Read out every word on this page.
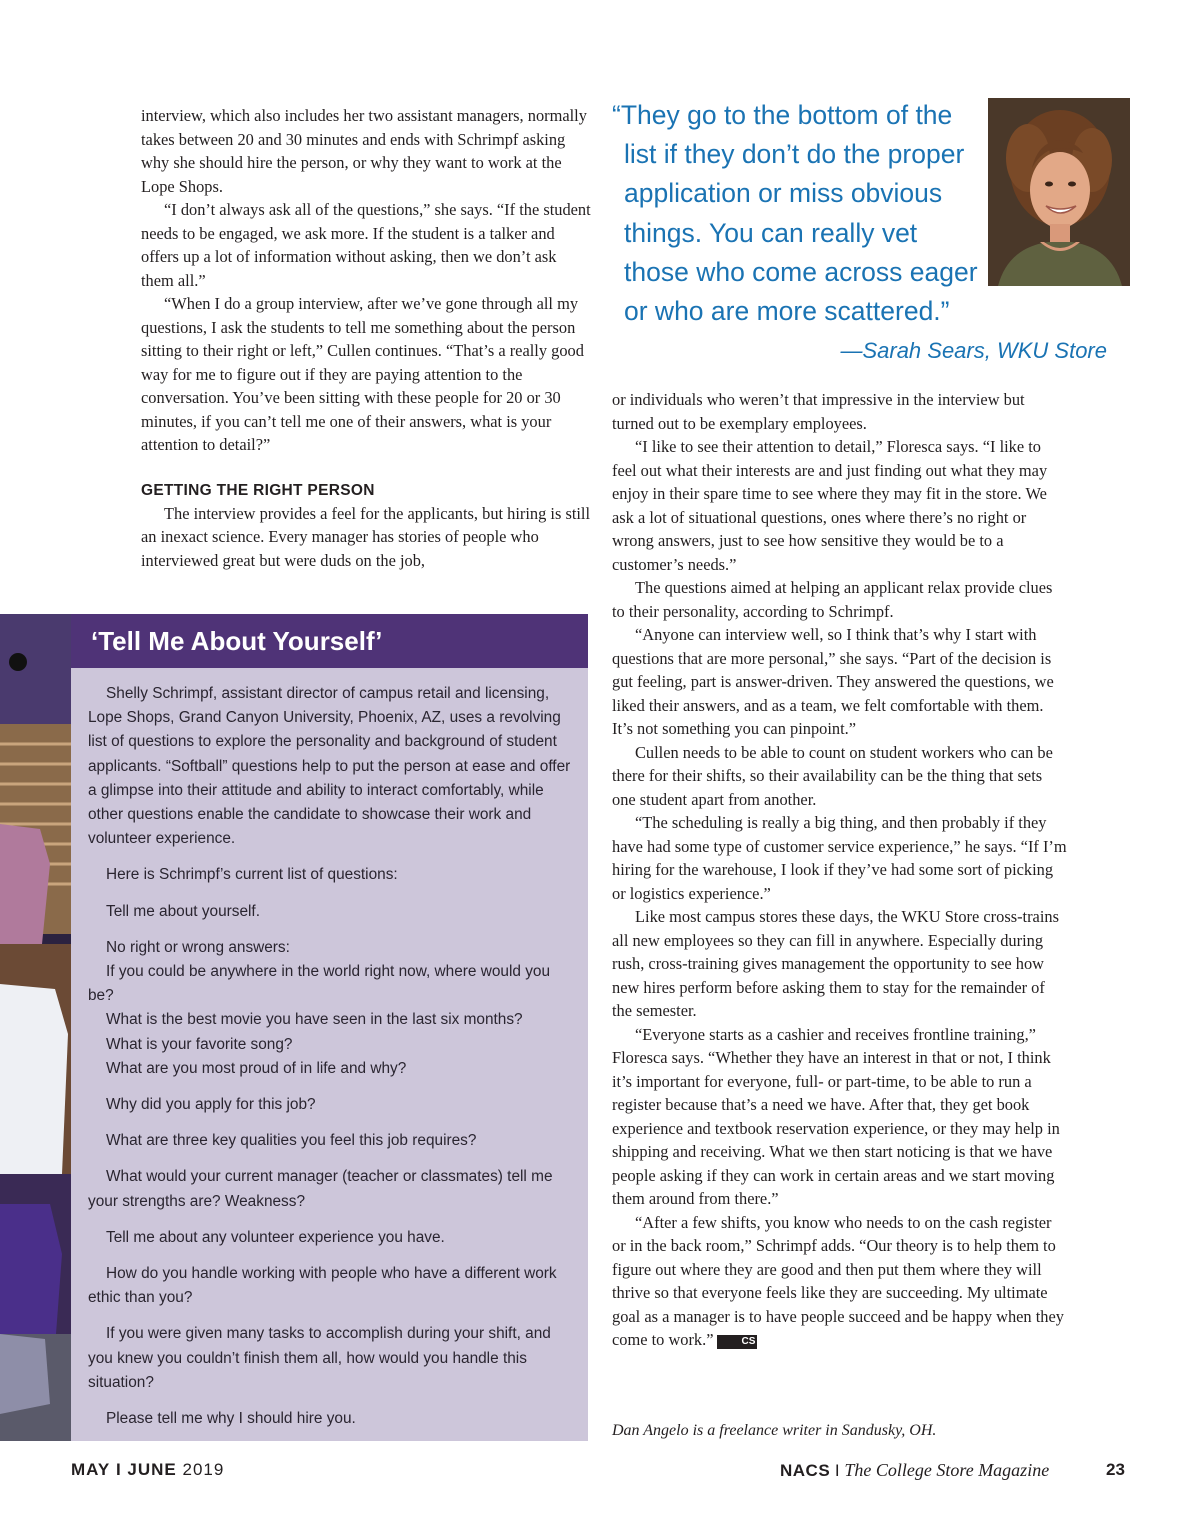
interview, which also includes her two assistant managers, normally takes between 20 and 30 minutes and ends with Schrimpf asking why she should hire the person, or why they want to work at the Lope Shops.

“I don’t always ask all of the questions,” she says. “If the student needs to be engaged, we ask more. If the student is a talker and offers up a lot of information without asking, then we don’t ask them all.”

“When I do a group interview, after we’ve gone through all my questions, I ask the students to tell me something about the person sitting to their right or left,” Cullen continues. “That’s a really good way for me to figure out if they are paying attention to the conversation. You’ve been sitting with these people for 20 or 30 minutes, if you can’t tell me one of their answers, what is your attention to detail?”

GETTING THE RIGHT PERSON

The interview provides a feel for the applicants, but hiring is still an inexact science. Every manager has stories of people who interviewed great but were duds on the job,

“They go to the bottom of the
list if they don’t do the proper
application or miss obvious
things. You can really vet
those who come across eager
or who are more scattered.”
—Sarah Sears, WKU Store

or individuals who weren’t that impressive in the interview but turned out to be exemplary employees.

“I like to see their attention to detail,” Floresca says. “I like to feel out what their interests are and just finding out what they may enjoy in their spare time to see where they may fit in the store. We ask a lot of situational questions, ones where there’s no right or wrong answers, just to see how sensitive they would be to a customer’s needs.”

The questions aimed at helping an applicant relax provide clues to their personality, according to Schrimpf.

“Anyone can interview well, so I think that’s why I start with questions that are more personal,” she says. “Part of the decision is gut feeling, part is answer-driven. They answered the questions, we liked their answers, and as a team, we felt comfortable with them. It’s not something you can pinpoint.”

Cullen needs to be able to count on student workers who can be there for their shifts, so their availability can be the thing that sets one student apart from another.

“The scheduling is really a big thing, and then probably if they have had some type of customer service experience,” he says. “If I’m hiring for the warehouse, I look if they’ve had some sort of picking or logistics experience.”

Like most campus stores these days, the WKU Store cross-trains all new employees so they can fill in anywhere. Especially during rush, cross-training gives management the opportunity to see how new hires perform before asking them to stay for the remainder of the semester.

“Everyone starts as a cashier and receives frontline training,” Floresca says. “Whether they have an interest in that or not, I think it’s important for everyone, full- or part-time, to be able to run a register because that’s a need we have. After that, they get book experience and textbook reservation experience, or they may help in shipping and receiving. What we then start noticing is that we have people asking if they can work in certain areas and we start moving them around from there.”

“After a few shifts, you know who needs to on the cash register or in the back room,” Schrimpf adds. “Our theory is to help them to figure out where they are good and then put them where they will thrive so that everyone feels like they are succeeding. My ultimate goal as a manager is to have people succeed and be happy when they come to work.”	CS

Dan Angelo is a freelance writer in Sandusky, OH.
‘Tell Me About Yourself’

Shelly Schrimpf, assistant director of campus retail and licensing, Lope Shops, Grand Canyon University, Phoenix, AZ, uses a revolving list of questions to explore the personality and background of student applicants. “Softball” questions help to put the person at ease and offer a glimpse into their attitude and ability to interact comfortably, while other questions enable the candidate to showcase their work and volunteer experience.

Here is Schrimpf’s current list of questions:

Tell me about yourself.

No right or wrong answers:

If you could be anywhere in the world right now, where would you be?

What is the best movie you have seen in the last six months?

What is your favorite song?

What are you most proud of in life and why?

Why did you apply for this job?

What are three key qualities you feel this job requires?

What would your current manager (teacher or classmates) tell me your strengths are? Weakness?

Tell me about any volunteer experience you have.

How do you handle working with people who have a different work ethic than you?

If you were given many tasks to accomplish during your shift, and you knew you couldn’t finish them all, how would you handle this situation?

Please tell me why I should hire you.

MAY I JUNE 2019	NACS I The College Store Magazine	23
